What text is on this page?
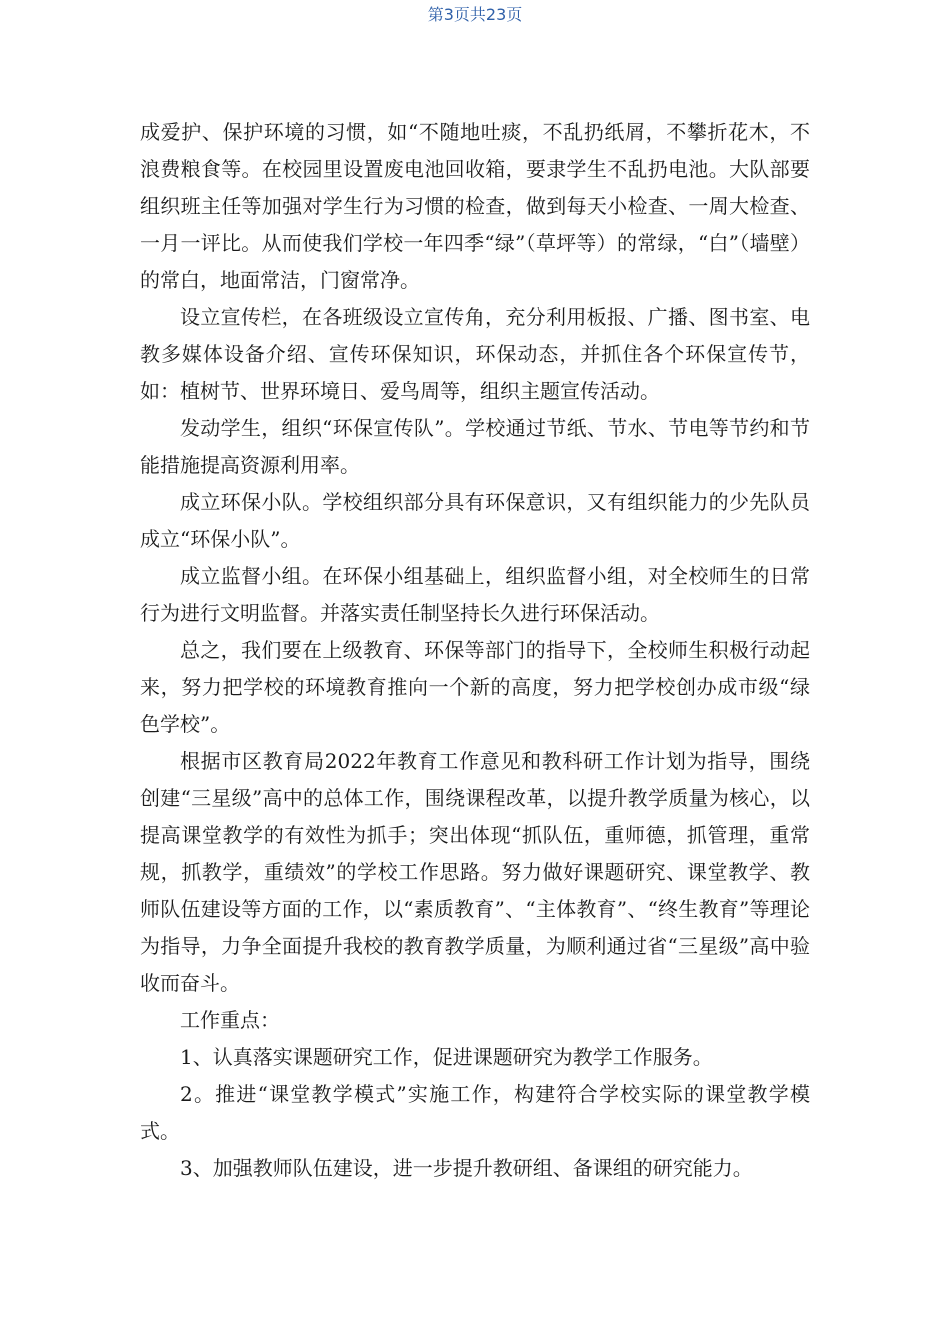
第3页共23页

成爱护、保护环境的习惯，如“不随地吐痰，不乱扔纸屑，不攀折花木，不浪费粮食等。在校园里设置废电池回收箱，要隶学生不乱扔电池。大队部要组织班主任等加强对学生行为习惯的检查，做到每天小检查、一周大检查、一月一评比。从而使我们学校一年四季“绿”（草坪等）的常绿，“白”（墙壁）的常白，地面常洁，门窗常净。

设立宣传栏，在各班级设立宣传角，充分利用板报、广播、图书室、电教多媒体设备介绍、宣传环保知识，环保动态，并抓住各个环保宣传节，如：植树节、世界环境日、爱鸟周等，组织主题宣传活动。

发动学生，组织“环保宣传队”。学校通过节纸、节水、节电等节约和节能措施提高资源利用率。

成立环保小队。学校组织部分具有环保意识，又有组织能力的少先队员成立“环保小队”。

成立监督小组。在环保小组基础上，组织监督小组，对全校师生的日常行为进行文明监督。并落实责任制坚持长久进行环保活动。

总之，我们要在上级教育、环保等部门的指导下，全校师生积极行动起来，努力把学校的环境教育推向一个新的高度，努力把学校创办成市级“绿色学校”。

根据市区教育局2022年教育工作意见和教科研工作计划为指导，围绕创建“三星级”高中的总体工作，围绕课程改革，以提升教学质量为核心，以提高课堂教学的有效性为抓手；突出体现“抓队伍，重师德，抓管理，重常规，抓教学，重绩效”的学校工作思路。努力做好课题研究、课堂教学、教师队伍建设等方面的工作，以“素质教育”、“主体教育”、“终生教育”等理论为指导，力争全面提升我校的教育教学质量，为顺利通过省“三星级”高中验收而奋斗。

工作重点：

1、认真落实课题研究工作，促进课题研究为教学工作服务。

2。推进“课堂教学模式”实施工作，构建符合学校实际的课堂教学模式。

3、加强教师队伍建设，进一步提升教研组、备课组的研究能力。
